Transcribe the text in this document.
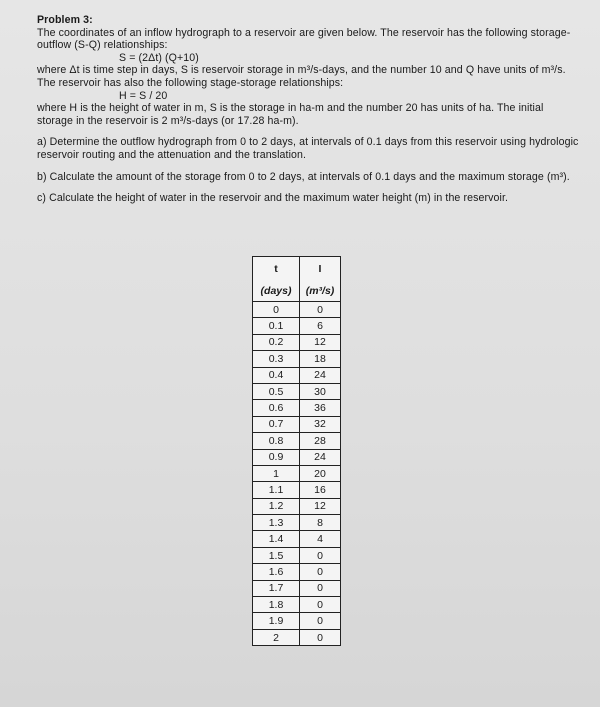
Problem 3:

The coordinates of an inflow hydrograph to a reservoir are given below. The reservoir has the following storage-outflow (S-Q) relationships:

S = (2Δt) (Q+10)

where Δt is time step in days, S is reservoir storage in m³/s-days, and the number 10 and Q have units of m³/s.

The reservoir has also the following stage-storage relationships:

H = S / 20

where H is the height of water in m, S is the storage in ha-m and the number 20 has units of ha. The initial storage in the reservoir is 2 m³/s-days (or 17.28 ha-m).

a) Determine the outflow hydrograph from 0 to 2 days, at intervals of 0.1 days from this reservoir using hydrologic reservoir routing and the attenuation and the translation.

b) Calculate the amount of the storage from 0 to 2 days, at intervals of 0.1 days and the maximum storage (m³).

c) Calculate the height of water in the reservoir and the maximum water height (m) in the reservoir.

t	I
(days)	(m³/s)
0	0
0.1	6
0.2	12
0.3	18
0.4	24
0.5	30
0.6	36
0.7	32
0.8	28
0.9	24
1	20
1.1	16
1.2	12
1.3	8
1.4	4
1.5	0
1.6	0
1.7	0
1.8	0
1.9	0
2	0
